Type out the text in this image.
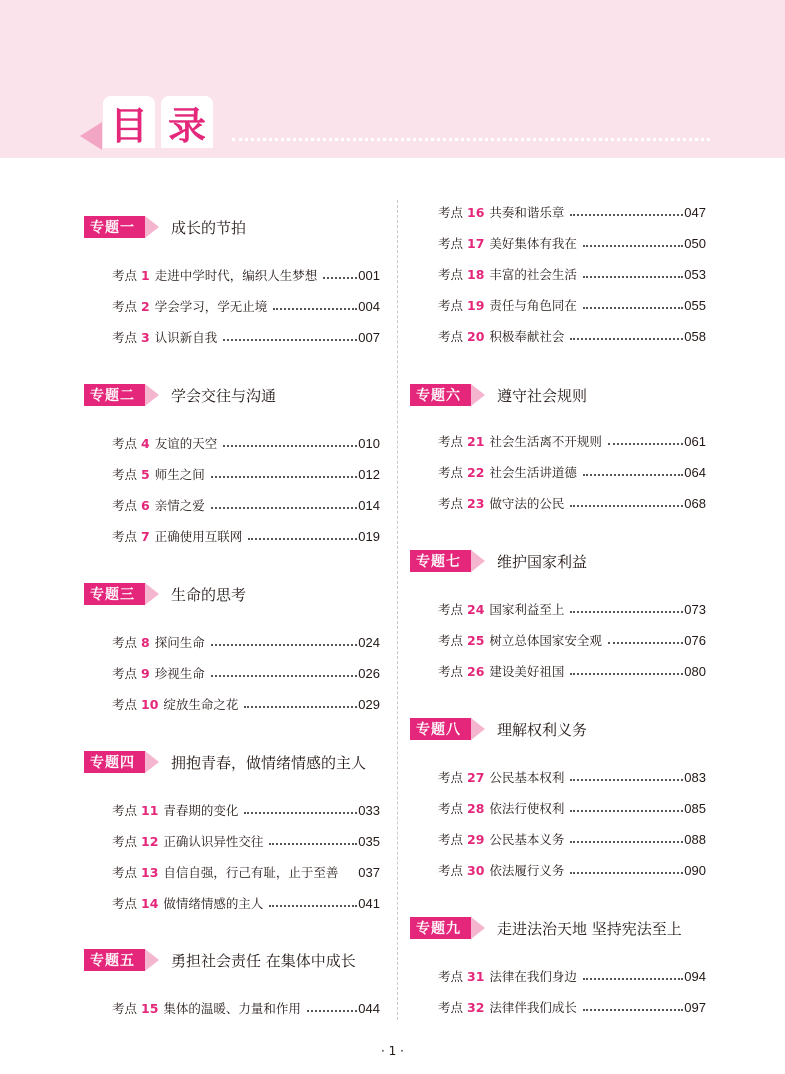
目 录
专题一	成长的节拍
考点 1 走进中学时代，编织人生梦想	001
考点 2 学会学习，学无止境	004
考点 3 认识新自我	007
专题二	学会交往与沟通
考点 4 友谊的天空	010
考点 5 师生之间	012
考点 6 亲情之爱	014
考点 7 正确使用互联网	019
专题三	生命的思考
考点 8 探问生命	024
考点 9 珍视生命	026
考点 10 绽放生命之花	029
专题四	拥抱青春，做情绪情感的主人
考点 11 青春期的变化	033
考点 12 正确认识异性交往	035
考点 13 自信自强，行己有耻，止于至善 037
考点 14 做情绪情感的主人	041
专题五	勇担社会责任 在集体中成长
考点 15 集体的温暖、力量和作用	044
考点 16 共奏和谐乐章	047
考点 17 美好集体有我在	050
考点 18 丰富的社会生活	053
考点 19 责任与角色同在	055
考点 20 积极奉献社会	058
专题六	遵守社会规则
考点 21 社会生活离不开规则	061
考点 22 社会生活讲道德	064
考点 23 做守法的公民	068
专题七	维护国家利益
考点 24 国家利益至上	073
考点 25 树立总体国家安全观	076
考点 26 建设美好祖国	080
专题八	理解权利义务
考点 27 公民基本权利	083
考点 28 依法行使权利	085
考点 29 公民基本义务	088
考点 30 依法履行义务	090
专题九	走进法治天地 坚持宪法至上
考点 31 法律在我们身边	094
考点 32 法律伴我们成长	097
· 1 ·
